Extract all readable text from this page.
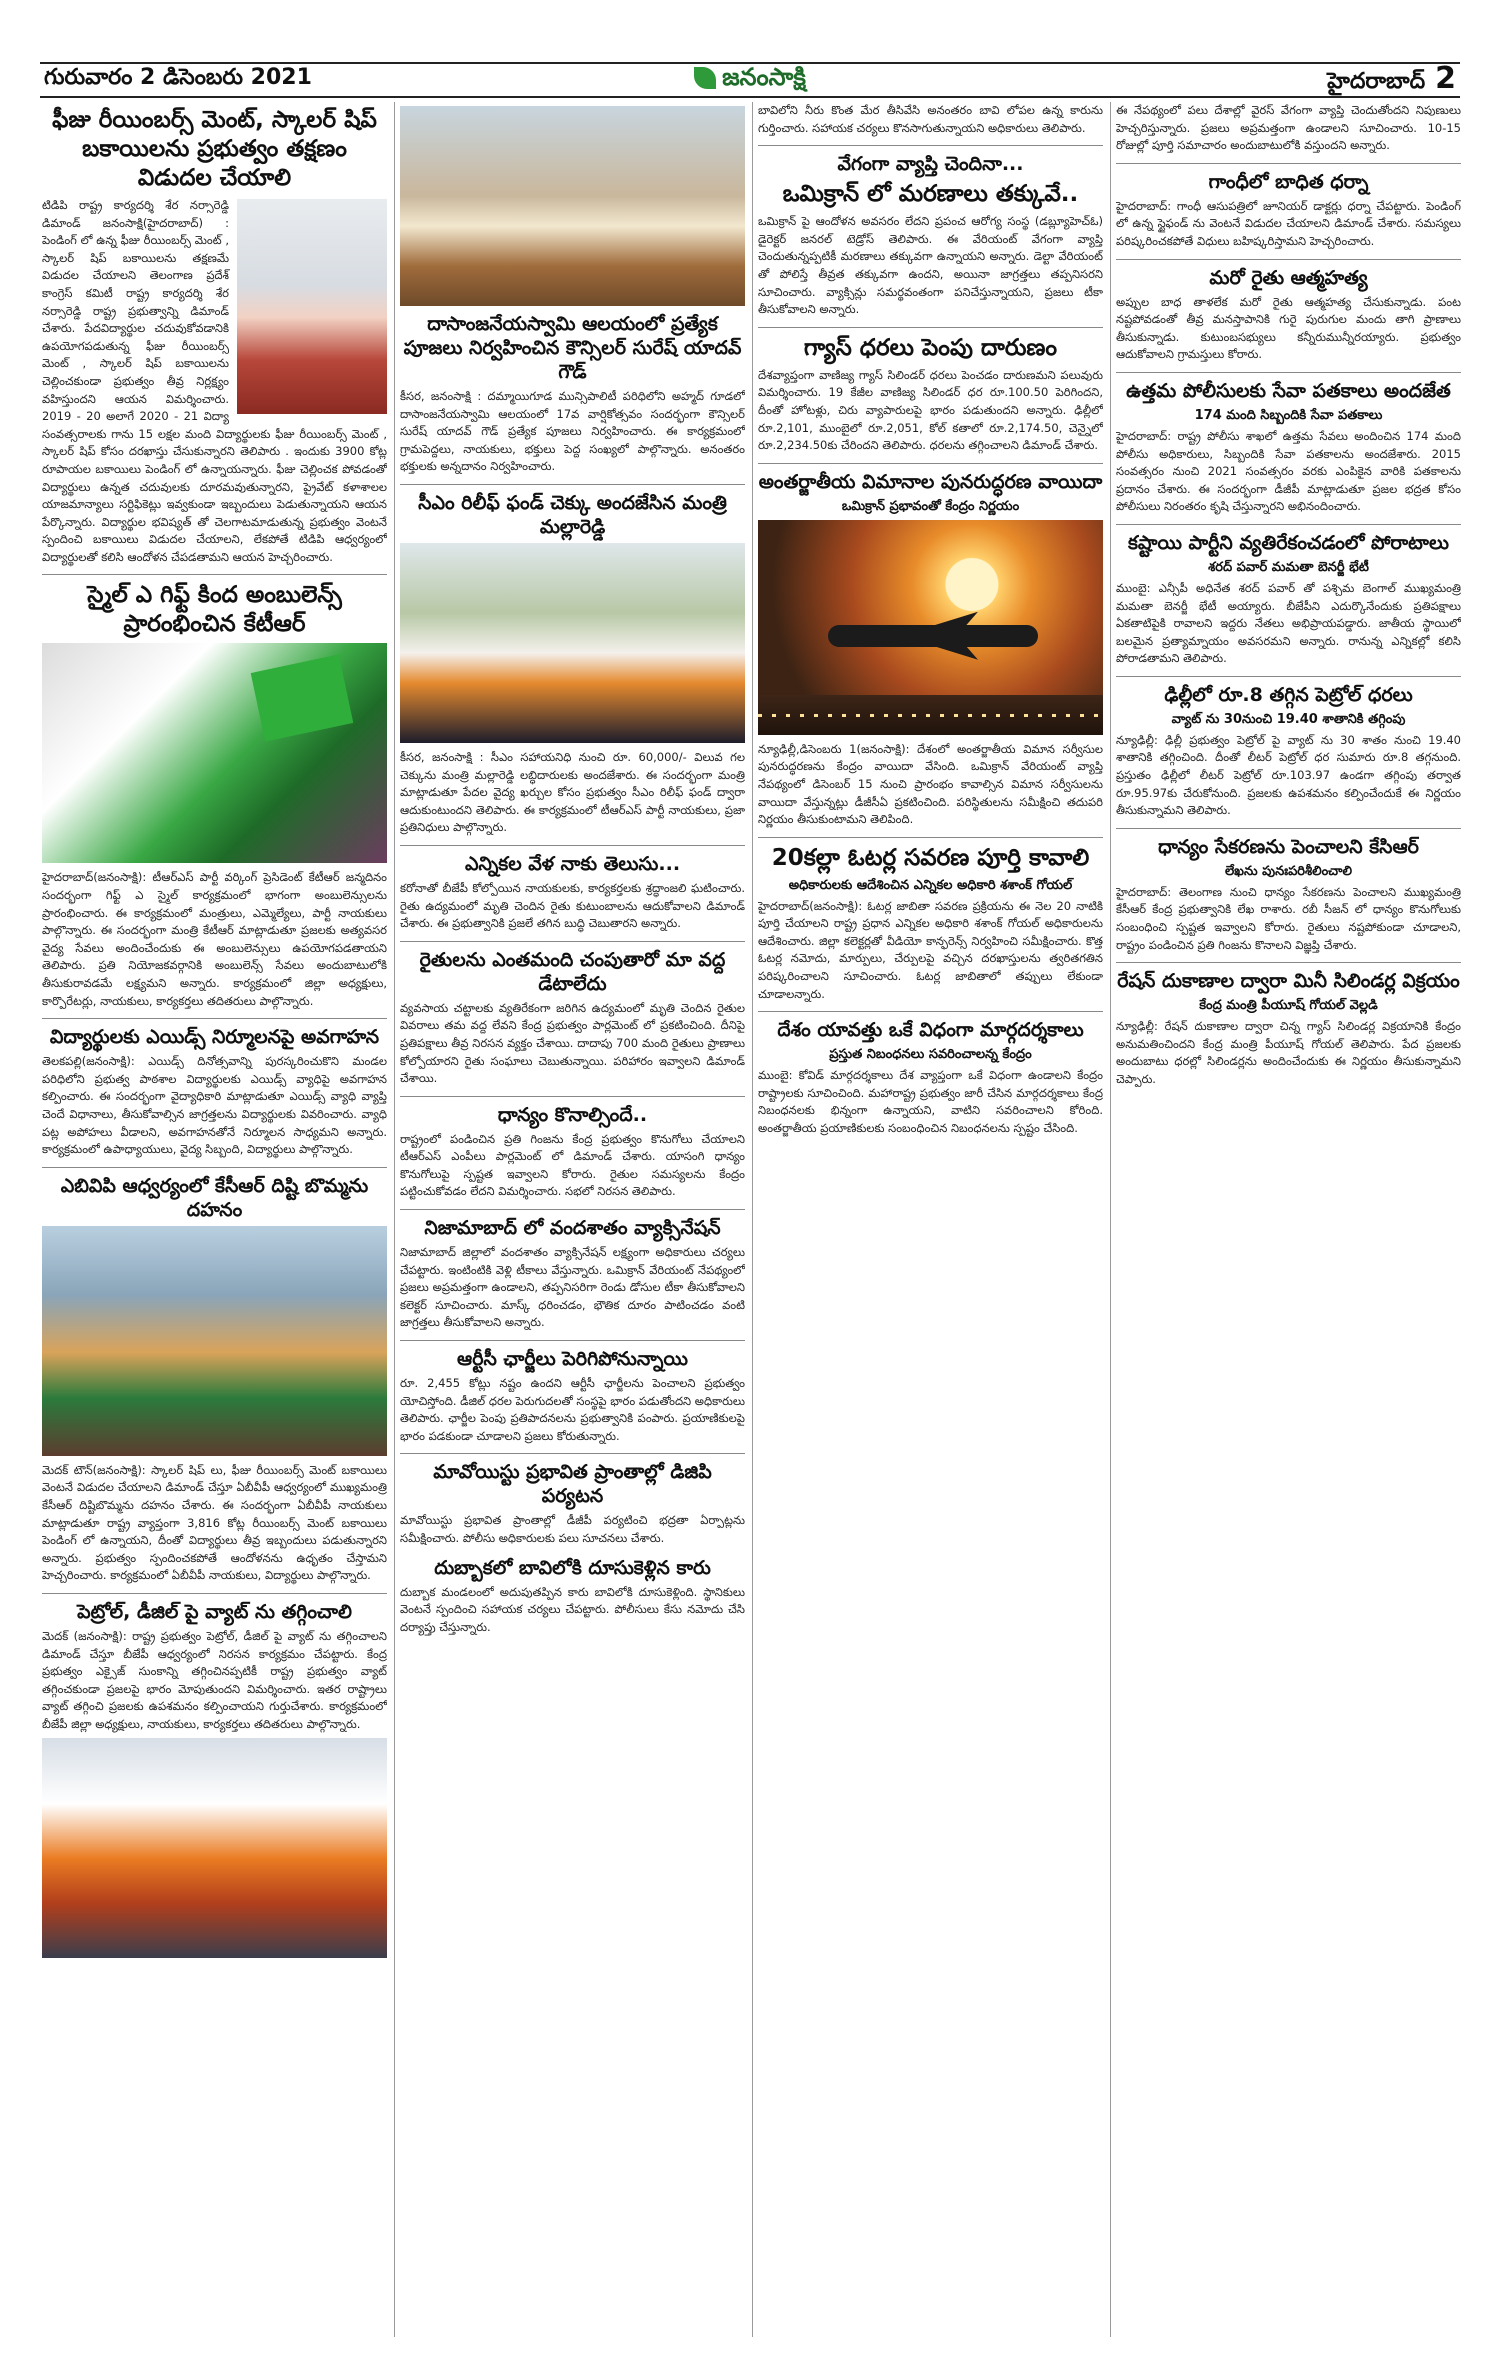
గురువారం 2 డిసెంబరు 2021	జనంసాక్షి	హైదరాబాద్ 2
ఫీజు రీయింబర్స్ మెంట్, స్కాలర్ షిప్ బకాయిలను ప్రభుత్వం తక్షణం విడుదల చేయాలి
టిడిపి రాష్ట్ర కార్యదర్శి శేర నర్సారెడ్డి డిమాండ్ జనంసాక్షి(హైదరాబాద్) : పెండింగ్ లో ఉన్న ఫీజు రీయింబర్స్ మెంట్ , స్కాలర్ షిప్ బకాయిలను తక్షణమే విడుదల చేయాలని తెలంగాణ ప్రదేశ్ కాంగ్రెస్ కమిటీ రాష్ట్ర కార్యదర్శి శేర నర్సారెడ్డి రాష్ట్ర ప్రభుత్వాన్ని డిమాండ్ చేశారు. పేదవిద్యార్థుల చదువుకోవడానికి ఉపయోగపడుతున్న ఫీజు రీయింబర్స్ మెంట్ , స్కాలర్ షిప్ బకాయిలను చెల్లించకుండా ప్రభుత్వం తీవ్ర నిర్లక్ష్యం వహిస్తుందని ఆయన విమర్శించారు. 2019 - 20 అలాగే 2020 - 21 విద్యా సంవత్సరాలకు గాను 15 లక్షల మంది విద్యార్థులకు ఫీజు రీయింబర్స్ మెంట్ , స్కాలర్ షిప్ కోసం దరఖాస్తు చేసుకున్నారని తెలిపారు . ఇందుకు 3900 కోట్ల రూపాయల బకాయిలు పెండింగ్ లో ఉన్నాయన్నారు. ఫీజు చెల్లించక పోవడంతో విద్యార్థులు ఉన్నత చదువులకు దూరమవుతున్నారని, ప్రైవేట్ కళాశాలల యాజమాన్యాలు సర్టిఫికెట్లు ఇవ్వకుండా ఇబ్బందులు పెడుతున్నాయని ఆయన పేర్కొన్నారు. విద్యార్థుల భవిష్యత్ తో చెలగాటమాడుతున్న ప్రభుత్వం వెంటనే స్పందించి బకాయిలు విడుదల చేయాలని, లేకపోతే టిడిపి ఆధ్వర్యంలో విద్యార్థులతో కలిసి ఆందోళన చేపడతామని ఆయన హెచ్చరించారు.
స్మైల్ ఎ గిఫ్ట్ కింద అంబులెన్స్ ప్రారంభించిన కేటీఆర్
హైదరాబాద్(జనంసాక్షి): టీఆర్ఎస్ పార్టీ వర్కింగ్ ప్రెసిడెంట్ కేటీఆర్ జన్మదినం సందర్భంగా గిఫ్ట్ ఎ స్మైల్ కార్యక్రమంలో భాగంగా అంబులెన్సులను ప్రారంభించారు. ఈ కార్యక్రమంలో మంత్రులు, ఎమ్మెల్యేలు, పార్టీ నాయకులు పాల్గొన్నారు. ఈ సందర్భంగా మంత్రి కేటీఆర్ మాట్లాడుతూ ప్రజలకు అత్యవసర వైద్య సేవలు అందించేందుకు ఈ అంబులెన్సులు ఉపయోగపడతాయని తెలిపారు. ప్రతి నియోజకవర్గానికి అంబులెన్స్ సేవలు అందుబాటులోకి తీసుకురావడమే లక్ష్యమని అన్నారు. కార్యక్రమంలో జిల్లా అధ్యక్షులు, కార్పొరేటర్లు, నాయకులు, కార్యకర్తలు తదితరులు పాల్గొన్నారు.
విద్యార్థులకు ఎయిడ్స్ నిర్మూలనపై అవగాహన
తెలకపల్లి(జనంసాక్షి): ఎయిడ్స్ దినోత్సవాన్ని పురస్కరించుకొని మండల పరిధిలోని ప్రభుత్వ పాఠశాల విద్యార్థులకు ఎయిడ్స్ వ్యాధిపై అవగాహన కల్పించారు. ఈ సందర్భంగా వైద్యాధికారి మాట్లాడుతూ ఎయిడ్స్ వ్యాధి వ్యాప్తి చెందే విధానాలు, తీసుకోవాల్సిన జాగ్రత్తలను విద్యార్థులకు వివరించారు. వ్యాధి పట్ల అపోహలు వీడాలని, అవగాహనతోనే నిర్మూలన సాధ్యమని అన్నారు. కార్యక్రమంలో ఉపాధ్యాయులు, వైద్య సిబ్బంది, విద్యార్థులు పాల్గొన్నారు.
ఎబివిపి ఆధ్వర్యంలో కేసీఆర్ దిష్టి బొమ్మను దహనం
మెదక్ టౌన్(జనంసాక్షి): స్కాలర్ షిప్ లు, ఫీజు రీయింబర్స్ మెంట్ బకాయిలు వెంటనే విడుదల చేయాలని డిమాండ్ చేస్తూ ఏబీవీపీ ఆధ్వర్యంలో ముఖ్యమంత్రి కేసీఆర్ దిష్టిబొమ్మను దహనం చేశారు. ఈ సందర్భంగా ఏబీవీపీ నాయకులు మాట్లాడుతూ రాష్ట్ర వ్యాప్తంగా 3,816 కోట్ల రీయింబర్స్ మెంట్ బకాయిలు పెండింగ్ లో ఉన్నాయని, దీంతో విద్యార్థులు తీవ్ర ఇబ్బందులు పడుతున్నారని అన్నారు. ప్రభుత్వం స్పందించకపోతే ఆందోళనను ఉధృతం చేస్తామని హెచ్చరించారు. కార్యక్రమంలో ఏబీవీపీ నాయకులు, విద్యార్థులు పాల్గొన్నారు.
పెట్రోల్, డీజిల్ పై వ్యాట్ ను తగ్గించాలి
మెదక్ (జనంసాక్షి): రాష్ట్ర ప్రభుత్వం పెట్రోల్, డీజిల్ పై వ్యాట్ ను తగ్గించాలని డిమాండ్ చేస్తూ బీజేపీ ఆధ్వర్యంలో నిరసన కార్యక్రమం చేపట్టారు. కేంద్ర ప్రభుత్వం ఎక్సైజ్ సుంకాన్ని తగ్గించినప్పటికీ రాష్ట్ర ప్రభుత్వం వ్యాట్ తగ్గించకుండా ప్రజలపై భారం మోపుతుందని విమర్శించారు. ఇతర రాష్ట్రాలు వ్యాట్ తగ్గించి ప్రజలకు ఉపశమనం కల్పించాయని గుర్తుచేశారు. కార్యక్రమంలో బీజేపీ జిల్లా అధ్యక్షులు, నాయకులు, కార్యకర్తలు తదితరులు పాల్గొన్నారు.
దాసాంజనేయస్వామి ఆలయంలో ప్రత్యేక పూజలు నిర్వహించిన కౌన్సిలర్ సురేష్ యాదవ్ గౌడ్
కీసర, జనంసాక్షి : దమ్మాయిగూడ మున్సిపాలిటీ పరిధిలోని అహ్మద్ గూడలో దాసాంజనేయస్వామి ఆలయంలో 17వ వార్షికోత్సవం సందర్భంగా కౌన్సిలర్ సురేష్ యాదవ్ గౌడ్ ప్రత్యేక పూజలు నిర్వహించారు. ఈ కార్యక్రమంలో గ్రామపెద్దలు, నాయకులు, భక్తులు పెద్ద సంఖ్యలో పాల్గొన్నారు. అనంతరం భక్తులకు అన్నదానం నిర్వహించారు.
సీఎం రిలీఫ్ ఫండ్ చెక్కు అందజేసిన మంత్రి మల్లారెడ్డి
కీసర, జనంసాక్షి : సీఎం సహాయనిధి నుంచి రూ. 60,000/- విలువ గల చెక్కును మంత్రి మల్లారెడ్డి లబ్ధిదారులకు అందజేశారు. ఈ సందర్భంగా మంత్రి మాట్లాడుతూ పేదల వైద్య ఖర్చుల కోసం ప్రభుత్వం సీఎం రిలీఫ్ ఫండ్ ద్వారా ఆదుకుంటుందని తెలిపారు. ఈ కార్యక్రమంలో టీఆర్ఎస్ పార్టీ నాయకులు, ప్రజా ప్రతినిధులు పాల్గొన్నారు.
ఎన్నికల వేళ నాకు తెలుసు...
కరోనాతో బీజేపీ కోల్పోయిన నాయకులకు, కార్యకర్తలకు శ్రద్ధాంజలి ఘటించారు. రైతు ఉద్యమంలో మృతి చెందిన రైతు కుటుంబాలను ఆదుకోవాలని డిమాండ్ చేశారు. ఈ ప్రభుత్వానికి ప్రజలే తగిన బుద్ధి చెబుతారని అన్నారు.
రైతులను ఎంతమంది చంపుతారో మా వద్ద డేటాలేదు
వ్యవసాయ చట్టాలకు వ్యతిరేకంగా జరిగిన ఉద్యమంలో మృతి చెందిన రైతుల వివరాలు తమ వద్ద లేవని కేంద్ర ప్రభుత్వం పార్లమెంట్ లో ప్రకటించింది. దీనిపై ప్రతిపక్షాలు తీవ్ర నిరసన వ్యక్తం చేశాయి. దాదాపు 700 మంది రైతులు ప్రాణాలు కోల్పోయారని రైతు సంఘాలు చెబుతున్నాయి. పరిహారం ఇవ్వాలని డిమాండ్ చేశాయి.
ధాన్యం కొనాల్సిందే..
రాష్ట్రంలో పండించిన ప్రతి గింజను కేంద్ర ప్రభుత్వం కొనుగోలు చేయాలని టీఆర్ఎస్ ఎంపీలు పార్లమెంట్ లో డిమాండ్ చేశారు. యాసంగి ధాన్యం కొనుగోలుపై స్పష్టత ఇవ్వాలని కోరారు. రైతుల సమస్యలను కేంద్రం పట్టించుకోవడం లేదని విమర్శించారు. సభలో నిరసన తెలిపారు.
నిజామాబాద్ లో వందశాతం వ్యాక్సినేషన్
నిజామాబాద్ జిల్లాలో వందశాతం వ్యాక్సినేషన్ లక్ష్యంగా అధికారులు చర్యలు చేపట్టారు. ఇంటింటికి వెళ్లి టీకాలు వేస్తున్నారు. ఒమిక్రాన్ వేరియంట్ నేపథ్యంలో ప్రజలు అప్రమత్తంగా ఉండాలని, తప్పనిసరిగా రెండు డోసుల టీకా తీసుకోవాలని కలెక్టర్ సూచించారు. మాస్క్ ధరించడం, భౌతిక దూరం పాటించడం వంటి జాగ్రత్తలు తీసుకోవాలని అన్నారు.
ఆర్టీసీ ఛార్జీలు పెరిగిపోనున్నాయి
రూ. 2,455 కోట్లు నష్టం ఉందని ఆర్టీసీ ఛార్జీలను పెంచాలని ప్రభుత్వం యోచిస్తోంది. డీజిల్ ధరల పెరుగుదలతో సంస్థపై భారం పడుతోందని అధికారులు తెలిపారు. ఛార్జీల పెంపు ప్రతిపాదనలను ప్రభుత్వానికి పంపారు. ప్రయాణికులపై భారం పడకుండా చూడాలని ప్రజలు కోరుతున్నారు.
మావోయిస్టు ప్రభావిత ప్రాంతాల్లో డిజిపి పర్యటన
మావోయిస్టు ప్రభావిత ప్రాంతాల్లో డీజీపీ పర్యటించి భద్రతా ఏర్పాట్లను సమీక్షించారు. పోలీసు అధికారులకు పలు సూచనలు చేశారు.
దుబ్బాకలో బావిలోకి దూసుకెళ్లిన కారు
దుబ్బాక మండలంలో అదుపుతప్పిన కారు బావిలోకి దూసుకెళ్లింది. స్థానికులు వెంటనే స్పందించి సహాయక చర్యలు చేపట్టారు. పోలీసులు కేసు నమోదు చేసి దర్యాప్తు చేస్తున్నారు.
బావిలోని నీరు కొంత మేర తీసివేసి అనంతరం బావి లోపల ఉన్న కారును గుర్తించారు. సహాయక చర్యలు కొనసాగుతున్నాయని అధికారులు తెలిపారు.
వేగంగా వ్యాప్తి చెందినా...
ఒమిక్రాన్ లో మరణాలు తక్కువే..
ఒమిక్రాన్ పై ఆందోళన అవసరం లేదని ప్రపంచ ఆరోగ్య సంస్థ (డబ్ల్యూహెచ్ఓ) డైరెక్టర్ జనరల్ టెడ్రోస్ తెలిపారు. ఈ వేరియంట్ వేగంగా వ్యాప్తి చెందుతున్నప్పటికీ మరణాలు తక్కువగా ఉన్నాయని అన్నారు. డెల్టా వేరియంట్ తో పోలిస్తే తీవ్రత తక్కువగా ఉందని, అయినా జాగ్రత్తలు తప్పనిసరని సూచించారు. వ్యాక్సిన్లు సమర్థవంతంగా పనిచేస్తున్నాయని, ప్రజలు టీకా తీసుకోవాలని అన్నారు.
గ్యాస్ ధరలు పెంపు దారుణం
దేశవ్యాప్తంగా వాణిజ్య గ్యాస్ సిలిండర్ ధరలు పెంచడం దారుణమని పలువురు విమర్శించారు. 19 కేజీల వాణిజ్య సిలిండర్ ధర రూ.100.50 పెరిగిందని, దీంతో హోటళ్లు, చిరు వ్యాపారులపై భారం పడుతుందని అన్నారు. ఢిల్లీలో రూ.2,101, ముంబైలో రూ.2,051, కోల్ కతాలో రూ.2,174.50, చెన్నైలో రూ.2,234.50కు చేరిందని తెలిపారు. ధరలను తగ్గించాలని డిమాండ్ చేశారు.
అంతర్జాతీయ విమానాల పునరుద్ధరణ వాయిదా
ఒమిక్రాన్ ప్రభావంతో కేంద్రం నిర్ణయం
న్యూఢిల్లీ,డిసెంబరు 1(జనంసాక్షి): దేశంలో అంతర్జాతీయ విమాన సర్వీసుల పునరుద్ధరణను కేంద్రం వాయిదా వేసింది. ఒమిక్రాన్ వేరియంట్ వ్యాప్తి నేపథ్యంలో డిసెంబర్ 15 నుంచి ప్రారంభం కావాల్సిన విమాన సర్వీసులను వాయిదా వేస్తున్నట్లు డీజీసీఏ ప్రకటించింది. పరిస్థితులను సమీక్షించి తదుపరి నిర్ణయం తీసుకుంటామని తెలిపింది.
20కల్లా ఓటర్ల సవరణ పూర్తి కావాలి
అధికారులకు ఆదేశించిన ఎన్నికల అధికారి శశాంక్ గోయల్
హైదరాబాద్(జనంసాక్షి): ఓటర్ల జాబితా సవరణ ప్రక్రియను ఈ నెల 20 నాటికి పూర్తి చేయాలని రాష్ట్ర ప్రధాన ఎన్నికల అధికారి శశాంక్ గోయల్ అధికారులను ఆదేశించారు. జిల్లా కలెక్టర్లతో వీడియో కాన్ఫరెన్స్ నిర్వహించి సమీక్షించారు. కొత్త ఓటర్ల నమోదు, మార్పులు, చేర్పులపై వచ్చిన దరఖాస్తులను త్వరితగతిన పరిష్కరించాలని సూచించారు. ఓటర్ల జాబితాలో తప్పులు లేకుండా చూడాలన్నారు.
దేశం యావత్తు ఒకే విధంగా మార్గదర్శకాలు
ప్రస్తుత నిబంధనలు సవరించాలన్న కేంద్రం
ముంబై: కోవిడ్ మార్గదర్శకాలు దేశ వ్యాప్తంగా ఒకే విధంగా ఉండాలని కేంద్రం రాష్ట్రాలకు సూచించింది. మహారాష్ట్ర ప్రభుత్వం జారీ చేసిన మార్గదర్శకాలు కేంద్ర నిబంధనలకు భిన్నంగా ఉన్నాయని, వాటిని సవరించాలని కోరింది. అంతర్జాతీయ ప్రయాణికులకు సంబంధించిన నిబంధనలను స్పష్టం చేసింది.
ఈ నేపథ్యంలో పలు దేశాల్లో వైరస్ వేగంగా వ్యాప్తి చెందుతోందని నిపుణులు హెచ్చరిస్తున్నారు. ప్రజలు అప్రమత్తంగా ఉండాలని సూచించారు. 10-15 రోజుల్లో పూర్తి సమాచారం అందుబాటులోకి వస్తుందని అన్నారు.
గాంధీలో బాధిత ధర్నా
హైదరాబాద్: గాంధీ ఆసుపత్రిలో జూనియర్ డాక్టర్లు ధర్నా చేపట్టారు. పెండింగ్ లో ఉన్న స్టైఫండ్ ను వెంటనే విడుదల చేయాలని డిమాండ్ చేశారు. సమస్యలు పరిష్కరించకపోతే విధులు బహిష్కరిస్తామని హెచ్చరించారు.
మరో రైతు ఆత్మహత్య
అప్పుల బాధ తాళలేక మరో రైతు ఆత్మహత్య చేసుకున్నాడు. పంట నష్టపోవడంతో తీవ్ర మనస్తాపానికి గురై పురుగుల మందు తాగి ప్రాణాలు తీసుకున్నాడు. కుటుంబసభ్యులు కన్నీరుమున్నీరయ్యారు. ప్రభుత్వం ఆదుకోవాలని గ్రామస్తులు కోరారు.
ఉత్తమ పోలీసులకు సేవా పతకాలు అందజేత
174 మంది సిబ్బందికి సేవా పతకాలు
హైదరాబాద్: రాష్ట్ర పోలీసు శాఖలో ఉత్తమ సేవలు అందించిన 174 మంది పోలీసు అధికారులు, సిబ్బందికి సేవా పతకాలను అందజేశారు. 2015 సంవత్సరం నుంచి 2021 సంవత్సరం వరకు ఎంపికైన వారికి పతకాలను ప్రదానం చేశారు. ఈ సందర్భంగా డీజీపీ మాట్లాడుతూ ప్రజల భద్రత కోసం పోలీసులు నిరంతరం కృషి చేస్తున్నారని అభినందించారు.
కష్టాయి పార్టీని వ్యతిరేకంచడంలో పోరాటాలు
శరద్ పవార్ మమతా బెనర్జీ భేటీ
ముంబై: ఎన్సీపీ అధినేత శరద్ పవార్ తో పశ్చిమ బెంగాల్ ముఖ్యమంత్రి మమతా బెనర్జీ భేటీ అయ్యారు. బీజేపీని ఎదుర్కొనేందుకు ప్రతిపక్షాలు ఏకతాటిపైకి రావాలని ఇద్దరు నేతలు అభిప్రాయపడ్డారు. జాతీయ స్థాయిలో బలమైన ప్రత్యామ్నాయం అవసరమని అన్నారు. రానున్న ఎన్నికల్లో కలిసి పోరాడతామని తెలిపారు.
ఢిల్లీలో రూ.8 తగ్గిన పెట్రోల్ ధరలు
వ్యాట్ ను 30నుంచి 19.40 శాతానికి తగ్గింపు
న్యూఢిల్లీ: ఢిల్లీ ప్రభుత్వం పెట్రోల్ పై వ్యాట్ ను 30 శాతం నుంచి 19.40 శాతానికి తగ్గించింది. దీంతో లీటర్ పెట్రోల్ ధర సుమారు రూ.8 తగ్గనుంది. ప్రస్తుతం ఢిల్లీలో లీటర్ పెట్రోల్ రూ.103.97 ఉండగా తగ్గింపు తర్వాత రూ.95.97కు చేరుకోనుంది. ప్రజలకు ఉపశమనం కల్పించేందుకే ఈ నిర్ణయం తీసుకున్నామని తెలిపారు.
ధాన్యం సేకరణను పెంచాలని కేసిఆర్
లేఖను పునఃపరిశీలించాలి
హైదరాబాద్: తెలంగాణ నుంచి ధాన్యం సేకరణను పెంచాలని ముఖ్యమంత్రి కేసీఆర్ కేంద్ర ప్రభుత్వానికి లేఖ రాశారు. రబీ సీజన్ లో ధాన్యం కొనుగోలుకు సంబంధించి స్పష్టత ఇవ్వాలని కోరారు. రైతులు నష్టపోకుండా చూడాలని, రాష్ట్రం పండించిన ప్రతి గింజను కొనాలని విజ్ఞప్తి చేశారు.
రేషన్ దుకాణాల ద్వారా మినీ సిలిండర్ల విక్రయం
కేంద్ర మంత్రి పీయూష్ గోయల్ వెల్లడి
న్యూఢిల్లీ: రేషన్ దుకాణాల ద్వారా చిన్న గ్యాస్ సిలిండర్ల విక్రయానికి కేంద్రం అనుమతించిందని కేంద్ర మంత్రి పీయూష్ గోయల్ తెలిపారు. పేద ప్రజలకు అందుబాటు ధరల్లో సిలిండర్లను అందించేందుకు ఈ నిర్ణయం తీసుకున్నామని చెప్పారు.
